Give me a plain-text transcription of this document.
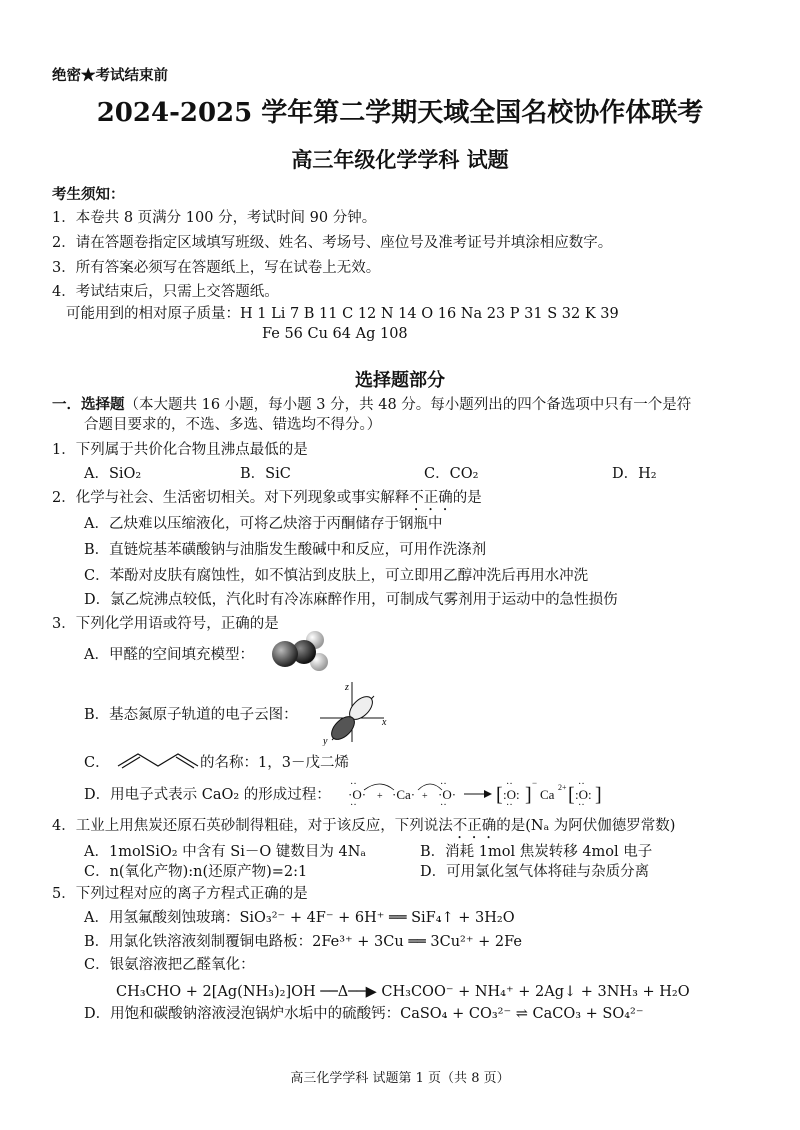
绝密★考试结束前
2024-2025 学年第二学期天域全国名校协作体联考
高三年级化学学科 试题
考生须知：
1．本卷共 8 页满分 100 分，考试时间 90 分钟。
2．请在答题卷指定区域填写班级、姓名、考场号、座位号及准考证号并填涂相应数字。
3．所有答案必须写在答题纸上，写在试卷上无效。
4．考试结束后，只需上交答题纸。
可能用到的相对原子质量：H 1 Li 7 B 11 C 12 N 14 O 16 Na 23 P 31 S 32 K 39
Fe 56 Cu 64 Ag 108
选择题部分
一．选择题（本大题共 16 小题，每小题 3 分，共 48 分。每小题列出的四个备选项中只有一个是符
合题目要求的，不选、多选、错选均不得分。）
1．下列属于共价化合物且沸点最低的是
A．SiO₂	B．SiC	C．CO₂	D．H₂
2．化学与社会、生活密切相关。对下列现象或事实解释不正确的是
A．乙炔难以压缩液化，可将乙炔溶于丙酮储存于钢瓶中
B．直链烷基苯磺酸钠与油脂发生酸碱中和反应，可用作洗涤剂
C．苯酚对皮肤有腐蚀性，如不慎沾到皮肤上，可立即用乙醇冲洗后再用水冲洗
D．氯乙烷沸点较低，汽化时有冷冻麻醉作用，可制成气雾剂用于运动中的急性损伤
3．下列化学用语或符号，正确的是
A．甲醛的空间填充模型：
B．基态氮原子轨道的电子云图：
z
x
y
C．	的名称：1，3－戊二烯
D．用电子式表示 CaO₂ 的形成过程： ·O·
··
··
+ ·Ca· + ·O·
··
·· [ :O:
··
·· ]
−
Ca 2+ [ :O:
··
·· ]
4．工业上用焦炭还原石英砂制得粗硅，对于该反应，下列说法不正确的是(Nₐ 为阿伏伽德罗常数)
A．1molSiO₂ 中含有 Si－O 键数目为 4Nₐ	B．消耗 1mol 焦炭转移 4mol 电子
C．n(氧化产物):n(还原产物)=2:1	D．可用氯化氢气体将硅与杂质分离
5．下列过程对应的离子方程式正确的是
A．用氢氟酸刻蚀玻璃：SiO₃²⁻ + 4F⁻ + 6H⁺ ══ SiF₄↑ + 3H₂O
B．用氯化铁溶液刻制覆铜电路板：2Fe³⁺ + 3Cu ══ 3Cu²⁺ + 2Fe
C．银氨溶液把乙醛氧化：
CH₃CHO + 2[Ag(NH₃)₂]OH ──Δ──▶ CH₃COO⁻ + NH₄⁺ + 2Ag↓ + 3NH₃ + H₂O
D．用饱和碳酸钠溶液浸泡锅炉水垢中的硫酸钙：CaSO₄ + CO₃²⁻ ⇌ CaCO₃ + SO₄²⁻
高三化学学科 试题第 1 页（共 8 页）
